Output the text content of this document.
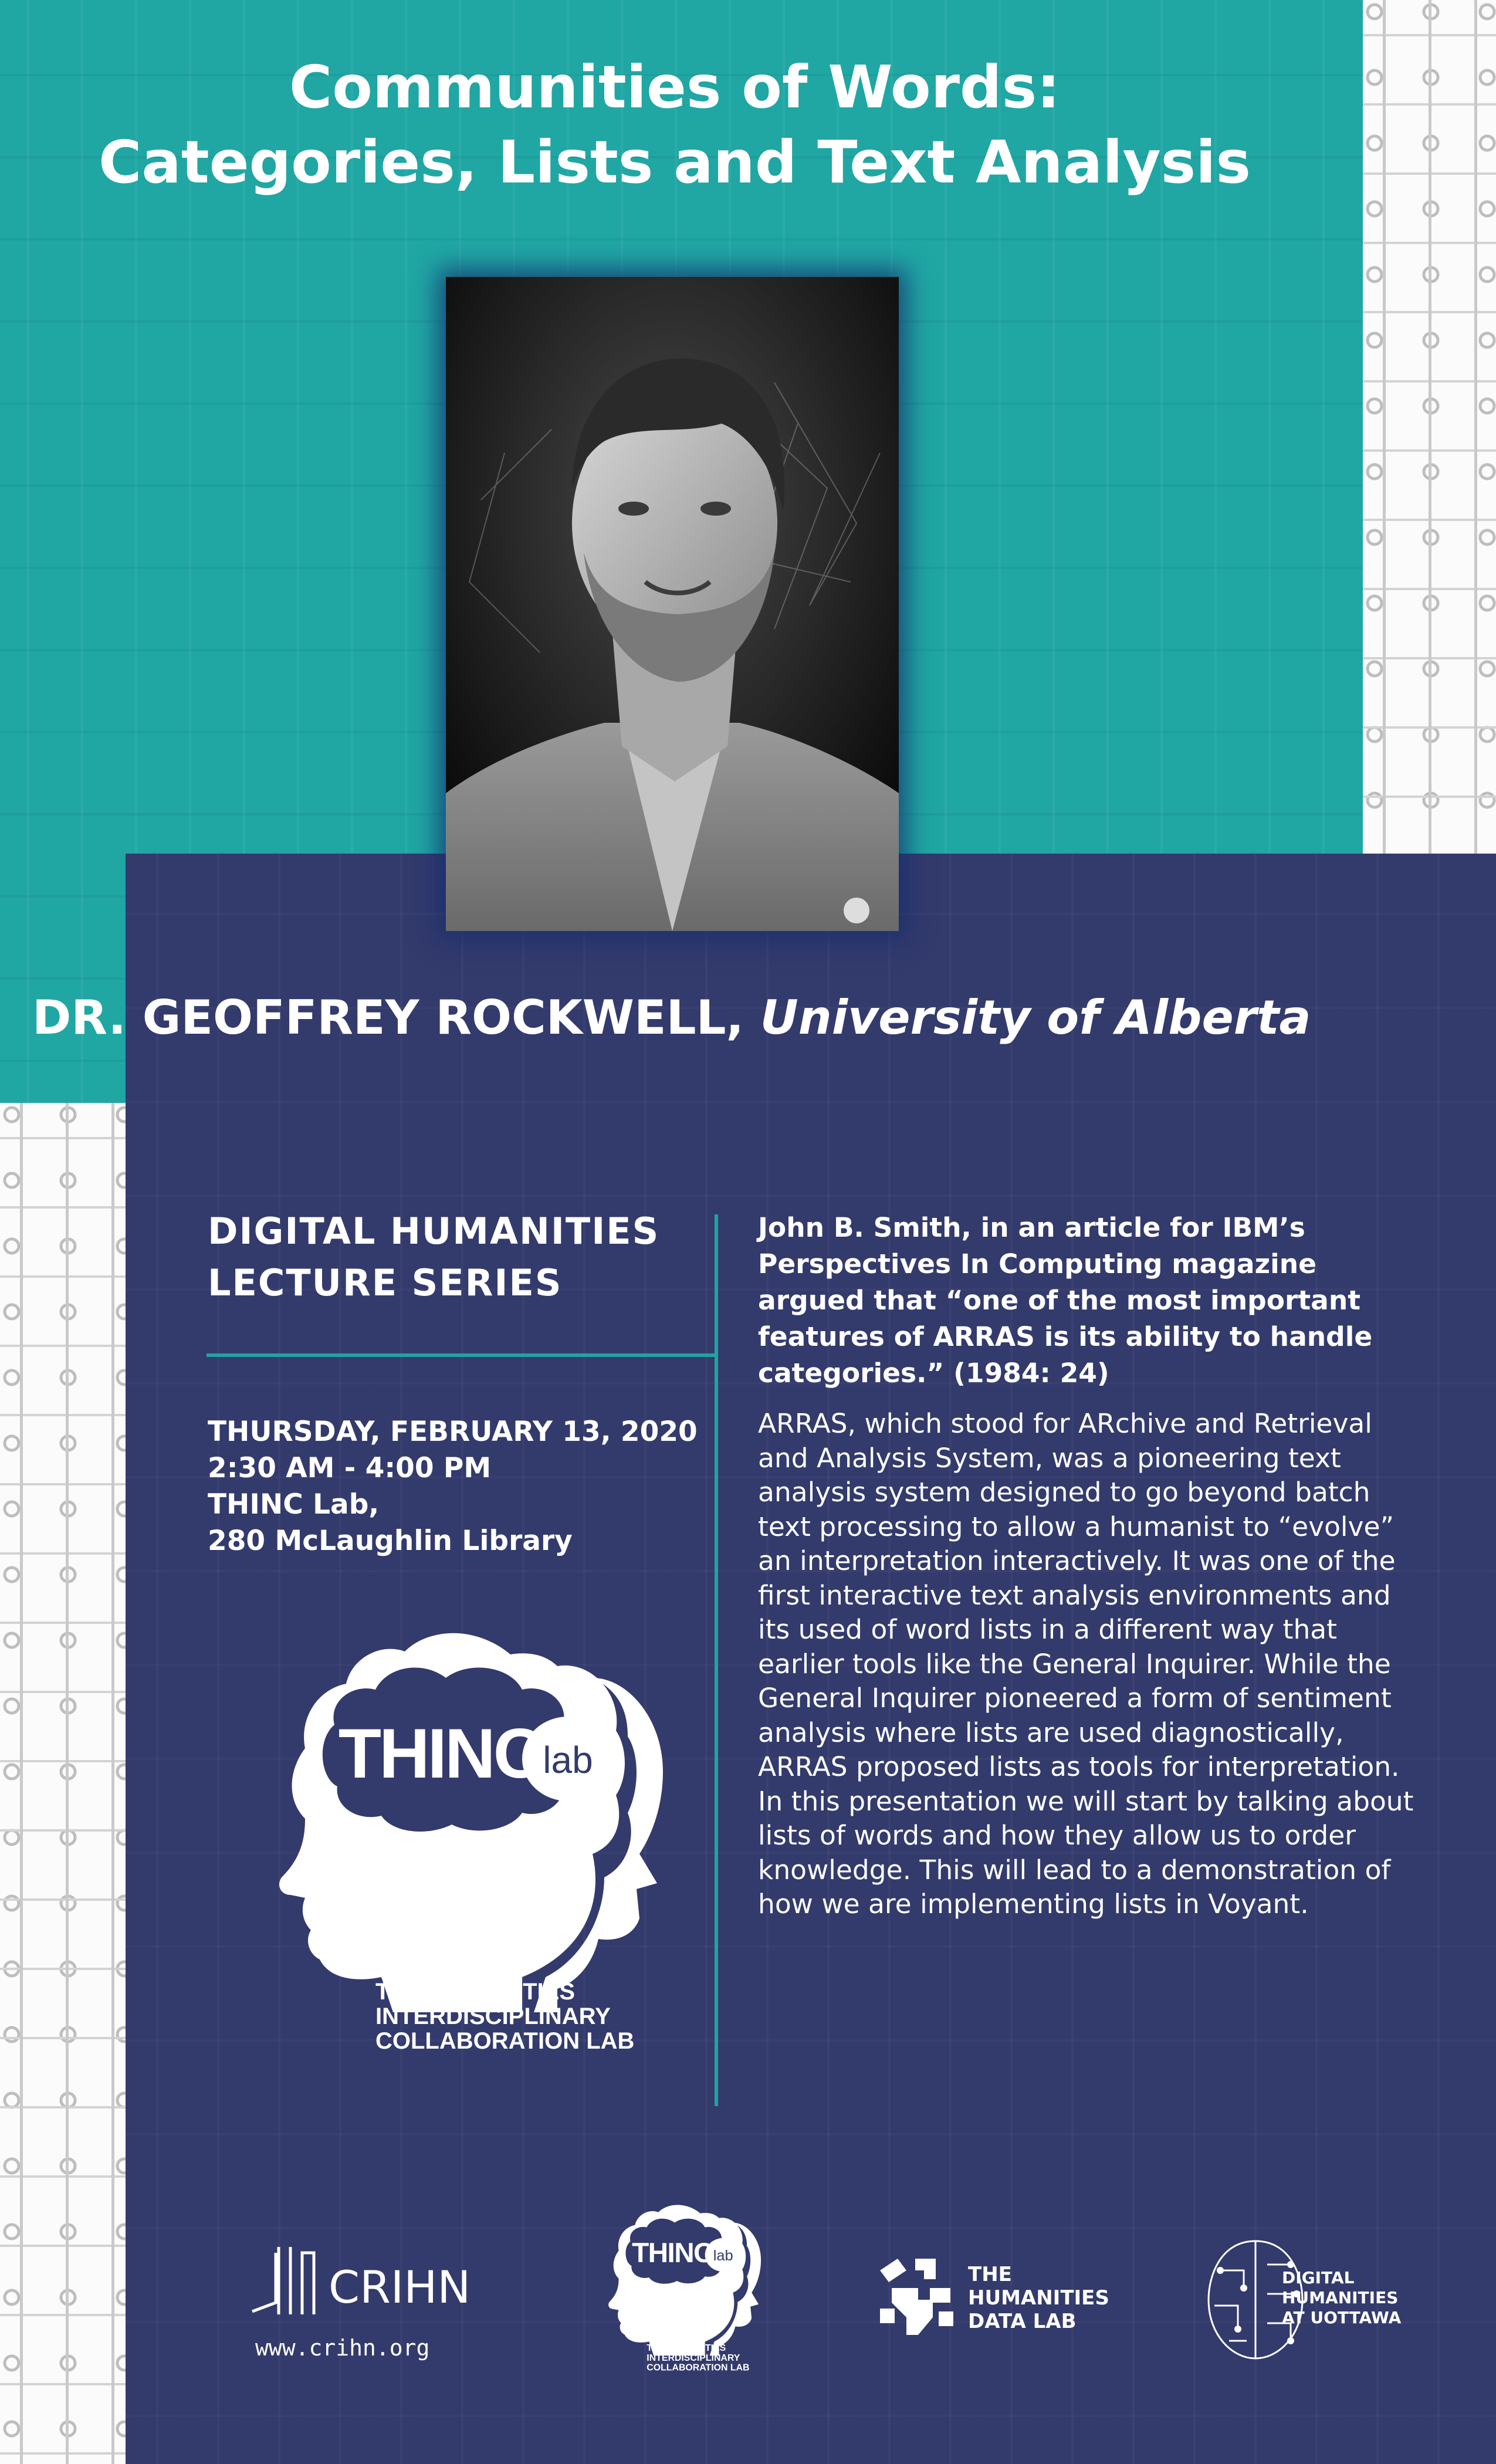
Communities of Words:
Categories, Lists and Text Analysis
DR. GEOFFREY ROCKWELL, University of Alberta
DIGITAL HUMANITIES
LECTURE SERIES
THURSDAY, FEBRUARY 13, 2020
2:30 AM - 4:00 PM
THINC Lab,
280 McLaughlin Library
THINC lab
THE HUMANITIES
INTERDISCIPLINARY
COLLABORATION LAB

John B. Smith, in an article for IBM’s Perspectives In Computing magazine argued that “one of the most important features of ARRAS is its ability to handle categories.” (1984: 24)

ARRAS, which stood for ARchive and Retrieval and Analysis System, was a pioneering text analysis system designed to go beyond batch text processing to allow a humanist to “evolve” an interpretation interactively. It was one of the first interactive text analysis environments and its used of word lists in a different way that earlier tools like the General Inquirer. While the General Inquirer pioneered a form of sentiment analysis where lists are used diagnostically, ARRAS proposed lists as tools for interpretation. In this presentation we will start by talking about lists of words and how they allow us to order knowledge. This will lead to a demonstration of how we are implementing lists in Voyant.

CRIHN
www.crihn.org
THINC lab
THE HUMANITIES
INTERDISCIPLINARY
COLLABORATION LAB
THE
HUMANITIES
DATA LAB
DIGITAL
HUMANITIES
AT UOTTAWA
